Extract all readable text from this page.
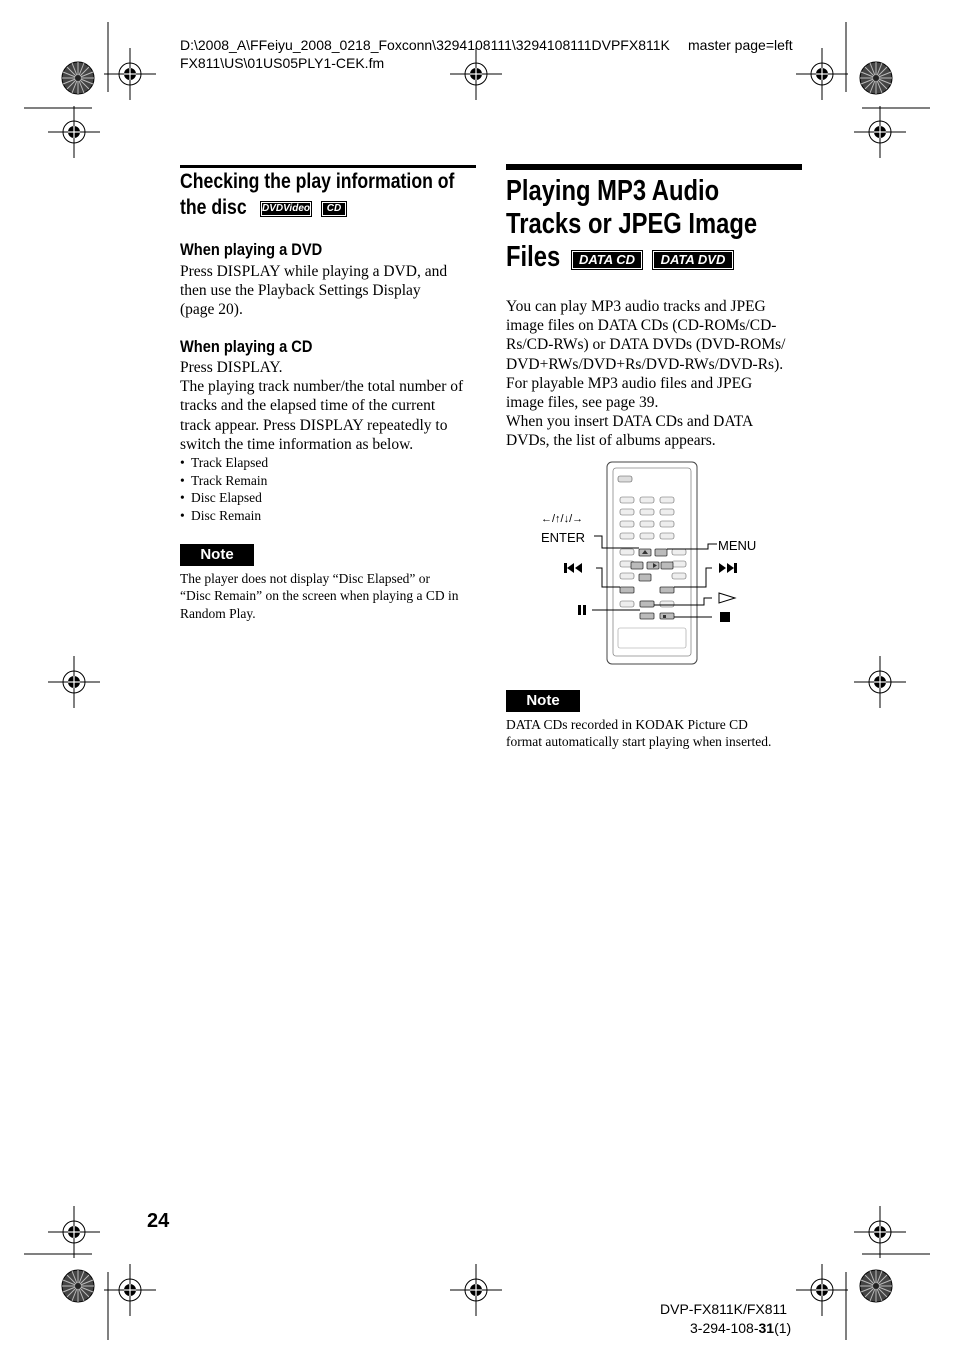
D:\2008_A\FFeiyu_2008_0218_Foxconn\3294108111\3294108111DVPFX811K master page=left
FX811\US\01US05PLY1-CEK.fm
Checking the play information of
the disc	DVDVideo	CD
When playing a DVD
Press DISPLAY while playing a DVD, and
then use the Playback Settings Display
(page 20).
When playing a CD
Press DISPLAY.
The playing track number/the total number of
tracks and the elapsed time of the current
track appear. Press DISPLAY repeatedly to
switch the time information as below.
• Track Elapsed
• Track Remain
• Disc Elapsed
• Disc Remain
Note
The player does not display “Disc Elapsed” or
“Disc Remain” on the screen when playing a CD in
Random Play.
Playing MP3 Audio
Tracks or JPEG Image
Files	DATA CD	DATA DVD
You can play MP3 audio tracks and JPEG
image files on DATA CDs (CD-ROMs/CD-
Rs/CD-RWs) or DATA DVDs (DVD-ROMs/
DVD+RWs/DVD+Rs/DVD-RWs/DVD-Rs).
For playable MP3 audio files and JPEG
image files, see page 39.
When you insert DATA CDs and DATA
DVDs, the list of albums appears.
←/↑/↓/→
ENTER
MENU
Note
DATA CDs recorded in KODAK Picture CD
format automatically start playing when inserted.
24
DVP-FX811K/FX811
3-294-108-31(1)
